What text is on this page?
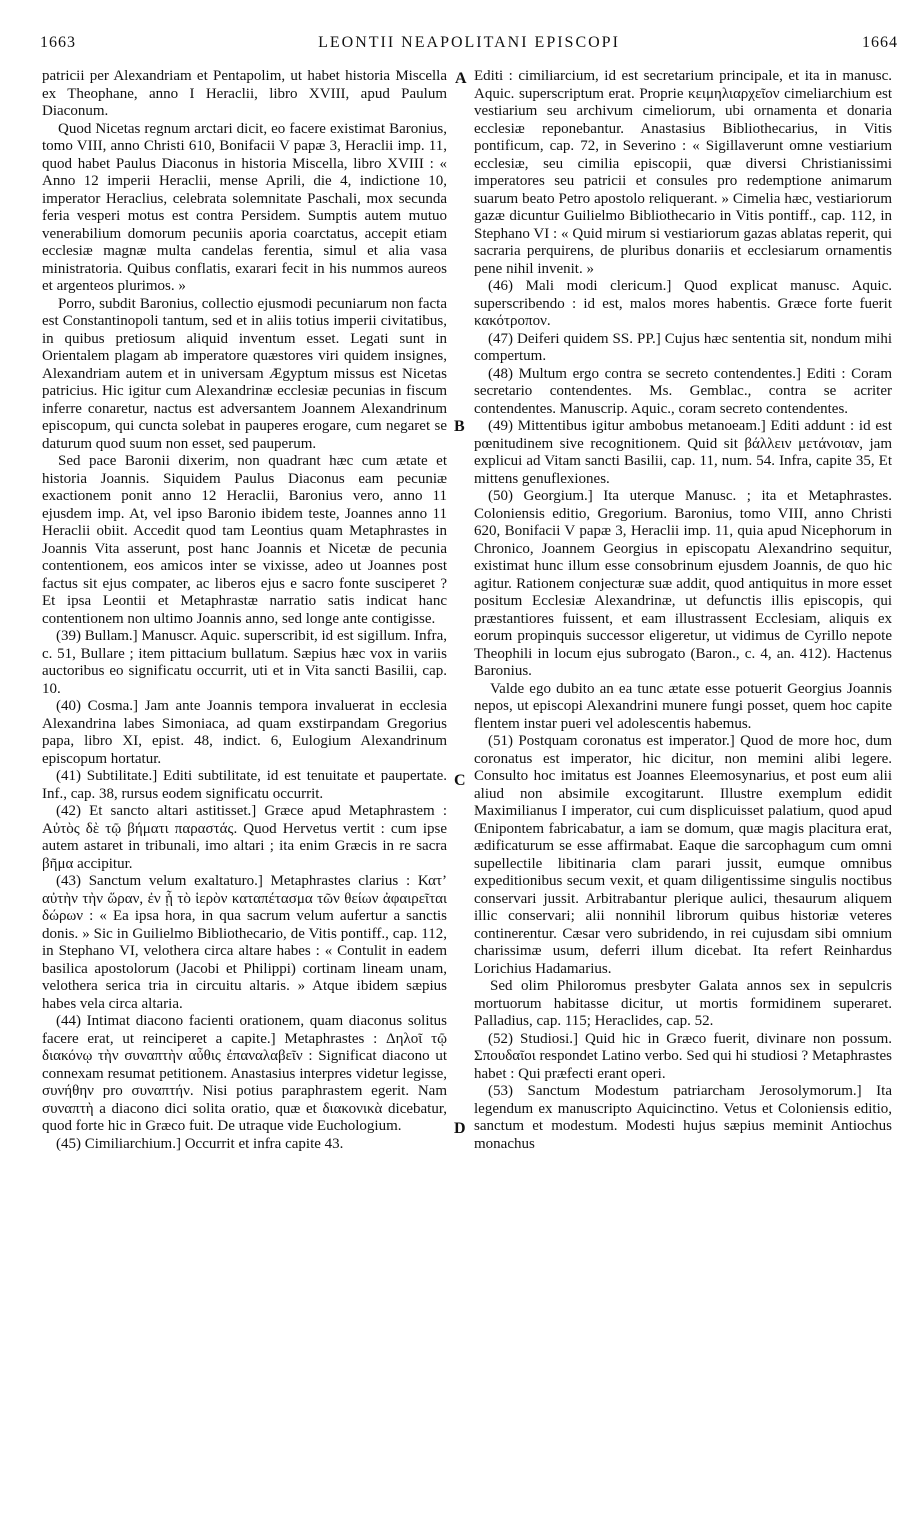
1663	LEONTII NEAPOLITANI EPISCOPI	1664
A
B
C
D

patricii per Alexandriam et Pentapolim, ut habet historia Miscella ex Theophane, anno I Heraclii, libro XVIII, apud Paulum Diaconum.

Quod Nicetas regnum arctari dicit, eo facere existimat Baronius, tomo VIII, anno Christi 610, Bonifacii V papæ 3, Heraclii imp. 11, quod habet Paulus Diaconus in historia Miscella, libro XVIII : « Anno 12 imperii Heraclii, mense Aprili, die 4, indictione 10, imperator Heraclius, celebrata solemnitate Paschali, mox secunda feria vesperi motus est contra Persidem. Sumptis autem mutuo venerabilium domorum pecuniis aporia coarctatus, accepit etiam ecclesiæ magnæ multa candelas ferentia, simul et alia vasa ministratoria. Quibus conflatis, exarari fecit in his nummos aureos et argenteos plurimos. »

Porro, subdit Baronius, collectio ejusmodi pecuniarum non facta est Constantinopoli tantum, sed et in aliis totius imperii civitatibus, in quibus pretiosum aliquid inventum esset. Legati sunt in Orientalem plagam ab imperatore quæstores viri quidem insignes, Alexandriam autem et in universam Ægyptum missus est Nicetas patricius. Hic igitur cum Alexandrinæ ecclesiæ pecunias in fiscum inferre conaretur, nactus est adversantem Joannem Alexandrinum episcopum, qui cuncta solebat in pauperes erogare, cum negaret se daturum quod suum non esset, sed pauperum.

Sed pace Baronii dixerim, non quadrant hæc cum ætate et historia Joannis. Siquidem Paulus Diaconus eam pecuniæ exactionem ponit anno 12 Heraclii, Baronius vero, anno 11 ejusdem imp. At, vel ipso Baronio ibidem teste, Joannes anno 11 Heraclii obiit. Accedit quod tam Leontius quam Metaphrastes in Joannis Vita asserunt, post hanc Joannis et Nicetæ de pecunia contentionem, eos amicos inter se vixisse, adeo ut Joannes post factus sit ejus compater, ac liberos ejus e sacro fonte susciperet ? Et ipsa Leontii et Metaphrastæ narratio satis indicat hanc contentionem non ultimo Joannis anno, sed longe ante contigisse.

(39) Bullam.] Manuscr. Aquic. superscribit, id est sigillum. Infra, c. 51, Bullare ; item pittacium bullatum. Sæpius hæc vox in variis auctoribus eo significatu occurrit, uti et in Vita sancti Basilii, cap. 10.

(40) Cosma.] Jam ante Joannis tempora invaluerat in ecclesia Alexandrina labes Simoniaca, ad quam exstirpandam Gregorius papa, libro XI, epist. 48, indict. 6, Eulogium Alexandrinum episcopum hortatur.

(41) Subtilitate.] Editi subtilitate, id est tenuitate et paupertate. Inf., cap. 38, rursus eodem significatu occurrit.

(42) Et sancto altari astitisset.] Græce apud Metaphrastem : Αὐτὸς δὲ τῷ βήματι παραστάς. Quod Hervetus vertit : cum ipse autem astaret in tribunali, imo altari ; ita enim Græcis in re sacra βῆμα accipitur.

(43) Sanctum velum exaltaturo.] Metaphrastes clarius : Κατ’ αὐτὴν τὴν ὥραν, ἐν ᾗ τὸ ἱερὸν καταπέτασμα τῶν θείων ἀφαιρεῖται δώρων : « Ea ipsa hora, in qua sacrum velum aufertur a sanctis donis. » Sic in Guilielmo Bibliothecario, de Vitis pontiff., cap. 112, in Stephano VI, velothera circa altare habes : « Contulit in eadem basilica apostolorum (Jacobi et Philippi) cortinam lineam unam, velothera serica tria in circuitu altaris. » Atque ibidem sæpius habes vela circa altaria.

(44) Intimat diacono facienti orationem, quam diaconus solitus facere erat, ut reinciperet a capite.] Metaphrastes : Δηλοῖ τῷ διακόνῳ τὴν συναπτὴν αὖθις ἐπαναλαβεῖν : Significat diacono ut connexam resumat petitionem. Anastasius interpres videtur legisse, συνήθην pro συναπτήν. Nisi potius paraphrastem egerit. Nam συναπτὴ a diacono dici solita oratio, quæ et διακονικὰ dicebatur, quod forte hic in Græco fuit. De utraque vide Euchologium.

(45) Cimiliarchium.] Occurrit et infra capite 43.

Editi : cimiliarcium, id est secretarium principale, et ita in manusc. Aquic. superscriptum erat. Proprie κειμηλιαρχεῖον cimeliarchium est vestiarium seu archivum cimeliorum, ubi ornamenta et donaria ecclesiæ reponebantur. Anastasius Bibliothecarius, in Vitis pontificum, cap. 72, in Severino : « Sigillaverunt omne vestiarium ecclesiæ, seu cimilia episcopii, quæ diversi Christianissimi imperatores seu patricii et consules pro redemptione animarum suarum beato Petro apostolo reliquerant. » Cimelia hæc, vestiariorum gazæ dicuntur Guilielmo Bibliothecario in Vitis pontiff., cap. 112, in Stephano VI : « Quid mirum si vestiariorum gazas ablatas reperit, qui sacraria perquirens, de pluribus donariis et ecclesiarum ornamentis pene nihil invenit. »

(46) Mali modi clericum.] Quod explicat manusc. Aquic. superscribendo : id est, malos mores habentis. Græce forte fuerit κακότροπον.

(47) Deiferi quidem SS. PP.] Cujus hæc sententia sit, nondum mihi compertum.

(48) Multum ergo contra se secreto contendentes.] Editi : Coram secretario contendentes. Ms. Gemblac., contra se acriter contendentes. Manuscrip. Aquic., coram secreto contendentes.

(49) Mittentibus igitur ambobus metanoeam.] Editi addunt : id est pœnitudinem sive recognitionem. Quid sit βάλλειν μετάνοιαν, jam explicui ad Vitam sancti Basilii, cap. 11, num. 54. Infra, capite 35, Et mittens genuflexiones.

(50) Georgium.] Ita uterque Manusc. ; ita et Metaphrastes. Coloniensis editio, Gregorium. Baronius, tomo VIII, anno Christi 620, Bonifacii V papæ 3, Heraclii imp. 11, quia apud Nicephorum in Chronico, Joannem Georgius in episcopatu Alexandrino sequitur, existimat hunc illum esse consobrinum ejusdem Joannis, de quo hic agitur. Rationem conjecturæ suæ addit, quod antiquitus in more esset positum Ecclesiæ Alexandrinæ, ut defunctis illis episcopis, qui præstantiores fuissent, et eam illustrassent Ecclesiam, aliquis ex eorum propinquis successor eligeretur, ut vidimus de Cyrillo nepote Theophili in locum ejus subrogato (Baron., c. 4, an. 412). Hactenus Baronius.

Valde ego dubito an ea tunc ætate esse potuerit Georgius Joannis nepos, ut episcopi Alexandrini munere fungi posset, quem hoc capite flentem instar pueri vel adolescentis habemus.

(51) Postquam coronatus est imperator.] Quod de more hoc, dum coronatus est imperator, hic dicitur, non memini alibi legere. Consulto hoc imitatus est Joannes Eleemosynarius, et post eum alii aliud non absimile excogitarunt. Illustre exemplum edidit Maximilianus I imperator, cui cum displicuisset palatium, quod apud Œnipontem fabricabatur, a iam se domum, quæ magis placitura erat, ædificaturum se esse affirmabat. Eaque die sarcophagum cum omni supellectile libitinaria clam parari jussit, eumque omnibus expeditionibus secum vexit, et quam diligentissime singulis noctibus conservari jussit. Arbitrabantur plerique aulici, thesaurum aliquem illic conservari; alii nonnihil librorum quibus historiæ veteres continerentur. Cæsar vero subridendo, in rei cujusdam sibi omnium charissimæ usum, deferri illum dicebat. Ita refert Reinhardus Lorichius Hadamarius.

Sed olim Philoromus presbyter Galata annos sex in sepulcris mortuorum habitasse dicitur, ut mortis formidinem superaret. Palladius, cap. 115; Heraclides, cap. 52.

(52) Studiosi.] Quid hic in Græco fuerit, divinare non possum. Σπουδαῖοι respondet Latino verbo. Sed qui hi studiosi ? Metaphrastes habet : Qui præfecti erant operi.

(53) Sanctum Modestum patriarcham Jerosolymorum.] Ita legendum ex manuscripto Aquicinctino. Vetus et Coloniensis editio, sanctum et modestum. Modesti hujus sæpius meminit Antiochus monachus
